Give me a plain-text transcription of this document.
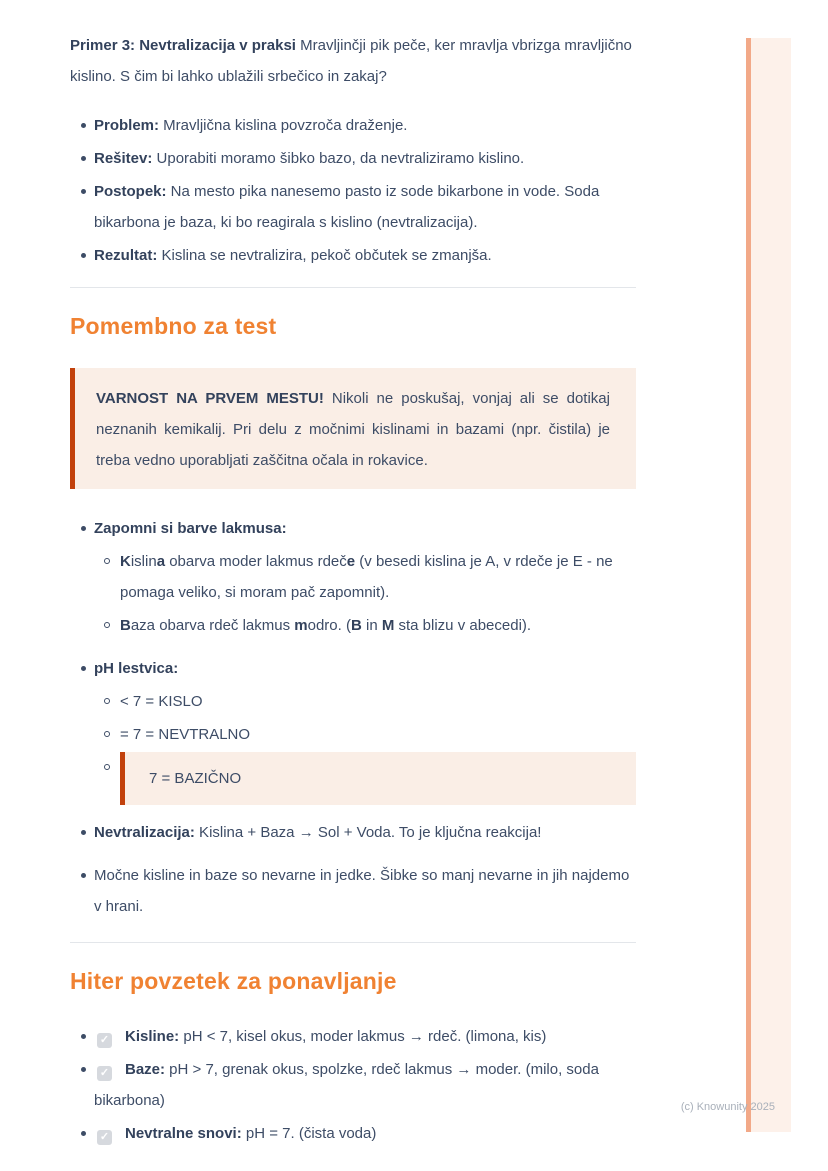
Primer 3: Nevtralizacija v praksi Mravljinčji pik peče, ker mravlja vbrizga mravljično kislino. S čim bi lahko ublažili srbečico in zakaj?

Problem: Mravljična kislina povzroča draženje.
Rešitev: Uporabiti moramo šibko bazo, da nevtraliziramo kislino.
Postopek: Na mesto pika nanesemo pasto iz sode bikarbone in vode. Soda bikarbona je baza, ki bo reagirala s kislino (nevtralizacija).
Rezultat: Kislina se nevtralizira, pekoč občutek se zmanjša.
Pomembno za test

VARNOST NA PRVEM MESTU! Nikoli ne poskušaj, vonjaj ali se dotikaj neznanih kemikalij. Pri delu z močnimi kislinami in bazami (npr. čistila) je treba vedno uporabljati zaščitna očala in rokavice.

Zapomni si barve lakmusa:
Kislina obarva moder lakmus rdeče (v besedi kislina je A, v rdeče je E - ne pomaga veliko, si moram pač zapomnit).
Baza obarva rdeč lakmus modro. (B in M sta blizu v abecedi).
pH lestvica:
< 7 = KISLO
= 7 = NEVTRALNO
7 = BAZIČNO
Nevtralizacija: Kislina + Baza → Sol + Voda. To je ključna reakcija!
Močne kisline in baze so nevarne in jedke. Šibke so manj nevarne in jih najdemo v hrani.
Hiter povzetek za ponavljanje
✓ Kisline: pH < 7, kisel okus, moder lakmus → rdeč. (limona, kis)
✓ Baze: pH > 7, grenak okus, spolzke, rdeč lakmus → moder. (milo, soda bikarbona)
✓ Nevtralne snovi: pH = 7. (čista voda)
(c) Knowunity 2025
